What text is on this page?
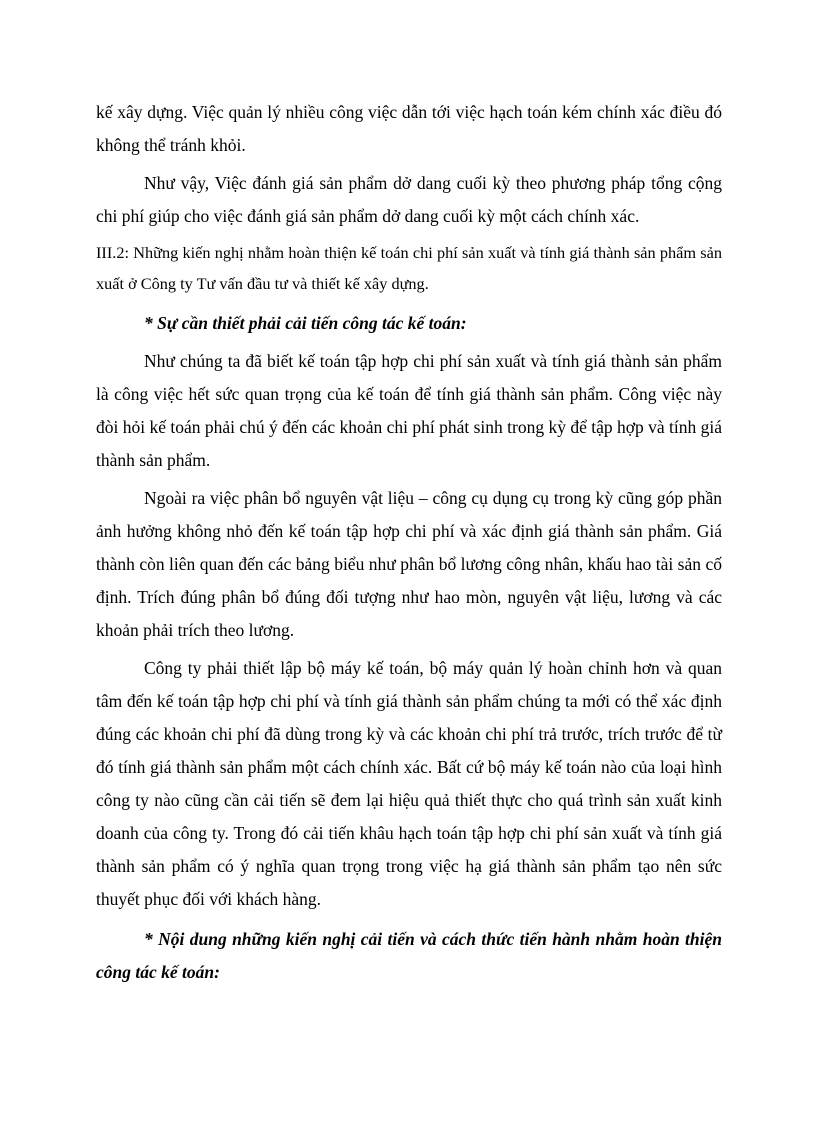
kế xây dựng. Việc quản lý nhiều công việc dẫn tới việc hạch toán kém chính xác điều đó không thể tránh khỏi.

Như vậy, Việc đánh giá sản phẩm dở dang cuối kỳ theo phương pháp tổng cộng chi phí giúp cho việc đánh giá sản phẩm dở dang cuối kỳ một cách chính xác.

III.2: Những kiến nghị nhằm hoàn thiện kế toán chi phí sản xuất và tính giá thành sản phẩm sản xuất ở Công ty Tư vấn đầu tư và thiết kế xây dựng.

* Sự cần thiết phải cải tiến công tác kế toán:

Như chúng ta đã biết kế toán tập hợp chi phí sản xuất và tính giá thành sản phẩm là công việc hết sức quan trọng của kế toán để tính giá thành sản phẩm. Công việc này đòi hỏi kế toán phải chú ý đến các khoản chi phí phát sinh trong kỳ để tập hợp và tính giá thành sản phẩm.

Ngoài ra việc phân bổ nguyên vật liệu – công cụ dụng cụ trong kỳ cũng góp phần ảnh hưởng không nhỏ đến kế toán tập hợp chi phí và xác định giá thành sản phẩm. Giá thành còn liên quan đến các bảng biểu như phân bổ lương công nhân, khấu hao tài sản cố định. Trích đúng phân bổ đúng đối tượng như hao mòn, nguyên vật liệu, lương và các khoản phải trích theo lương.

Công ty phải thiết lập bộ máy kế toán, bộ máy quản lý hoàn chỉnh hơn và quan tâm đến kế toán tập hợp chi phí và tính giá thành sản phẩm chúng ta mới có thể xác định đúng các khoản chi phí đã dùng trong kỳ và các khoản chi phí trả trước, trích trước để từ đó tính giá thành sản phẩm một cách chính xác. Bất cứ bộ máy kế toán nào của loại hình công ty nào cũng cần cải tiến sẽ đem lại hiệu quả thiết thực cho quá trình sản xuất kinh doanh của công ty. Trong đó cải tiến khâu hạch toán tập hợp chi phí sản xuất và tính giá thành sản phẩm có ý nghĩa quan trọng trong việc hạ giá thành sản phẩm tạo nên sức thuyết phục đối với khách hàng.

* Nội dung những kiến nghị cải tiến và cách thức tiến hành nhằm hoàn thiện công tác kế toán:
